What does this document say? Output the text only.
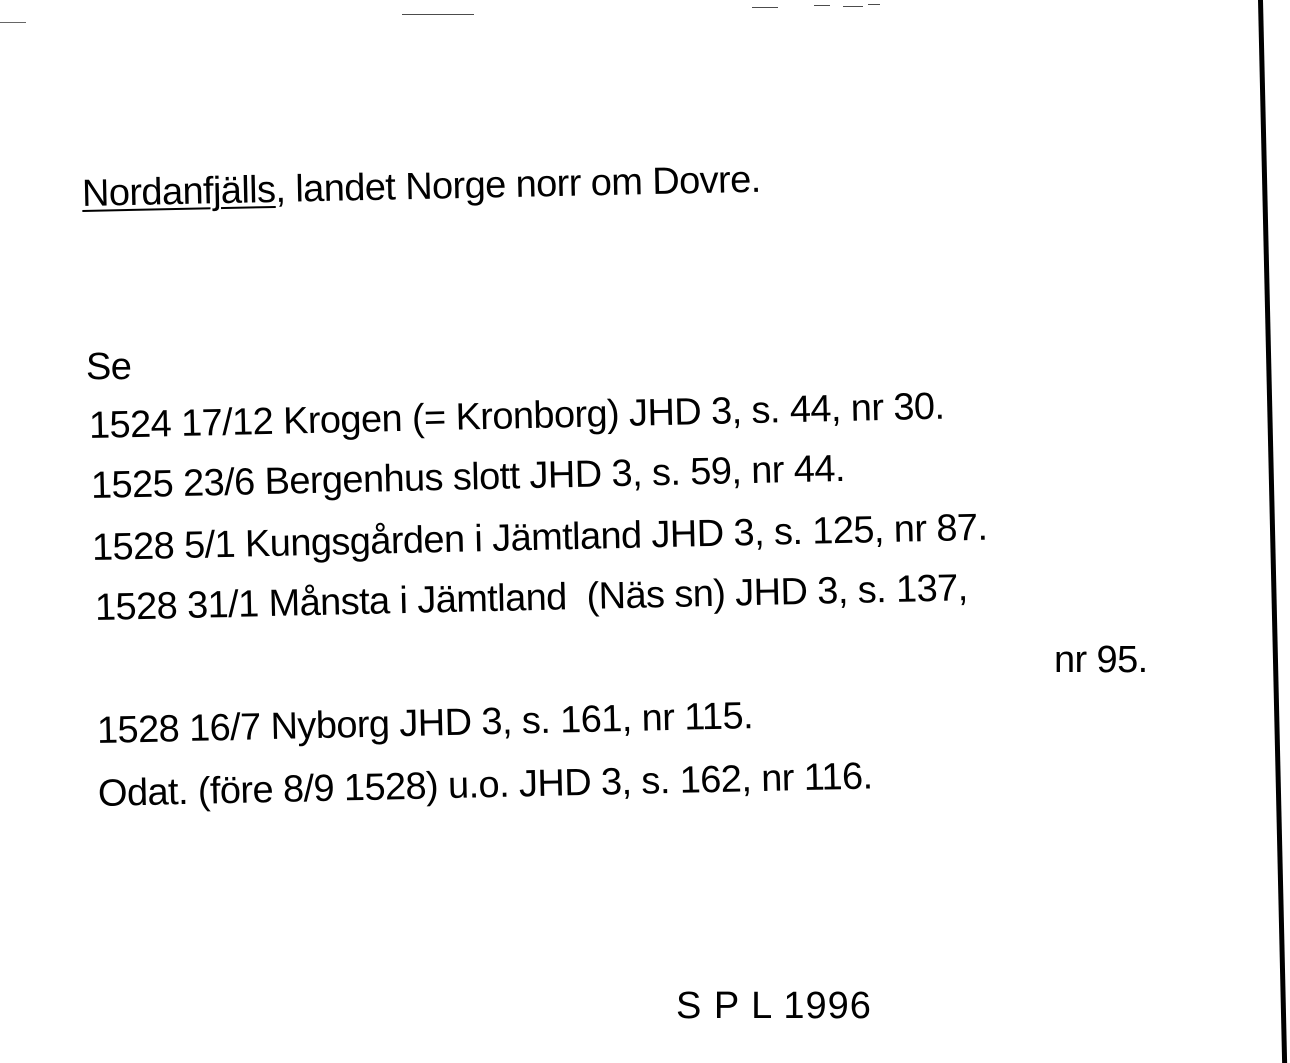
Nordanfjälls, landet Norge norr om Dovre.
Se
1524 17/12 Krogen (= Kronborg) JHD 3, s. 44, nr 30.
1525 23/6 Bergenhus slott JHD 3, s. 59, nr 44.
1528 5/1 Kungsgården i Jämtland JHD 3, s. 125, nr 87.
1528 31/1 Månsta i Jämtland  (Näs sn) JHD 3, s. 137,
nr 95.
1528 16/7 Nyborg JHD 3, s. 161, nr 115.
Odat. (före 8/9 1528) u.o. JHD 3, s. 162, nr 116.
S P L 1996
